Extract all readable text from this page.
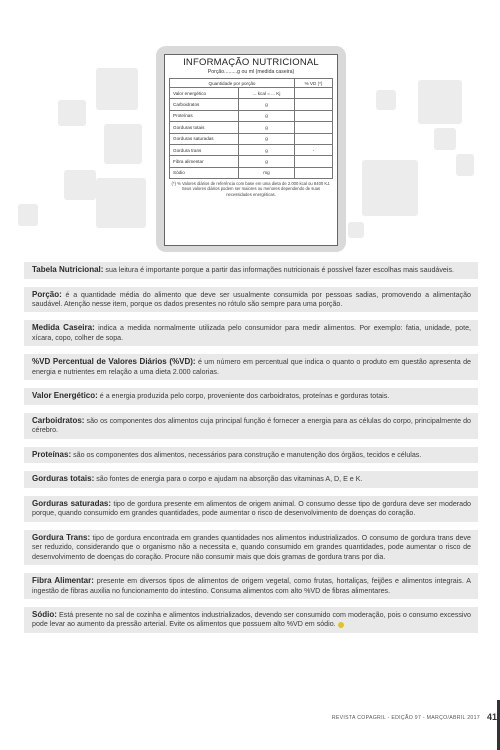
INFORMAÇÃO NUTRICIONAL
Porção.........g ou ml (medida caseira)
Quantidade por porção		% VD (*)
Valor energético	... kcal = ... Kj	
Carboidratos	g	
Proteínas	g	
Gorduras totais	g	
Gorduras saturadas	g	
Gordura trans	g	-
Fibra alimentar	g	
Sódio	mg	
(*) % Valores diários de referência com base em uma dieta de 2.000 kcal ou 8400 KJ. Seus valores diários podem ser maiores ou menores dependendo de suas necessidades energéticas.
Tabela Nutricional: sua leitura é importante porque a partir das informações nutricionais é possível fazer escolhas mais saudáveis.
Porção: é a quantidade média do alimento que deve ser usualmente consumida por pessoas sadias, promovendo a alimentação saudável. Atenção nesse item, porque os dados presentes no rótulo são sempre para uma porção.
Medida Caseira: indica a medida normalmente utilizada pelo consumidor para medir alimentos. Por exemplo: fatia, unidade, pote, xícara, copo, colher de sopa.
%VD Percentual de Valores Diários (%VD): é um número em percentual que indica o quanto o produto em questão apresenta de energia e nutrientes em relação a uma dieta 2.000 calorias.
Valor Energético: é a energia produzida pelo corpo, proveniente dos carboidratos, proteínas e gorduras totais.
Carboidratos: são os componentes dos alimentos cuja principal função é fornecer a energia para as células do corpo, principalmente do cérebro.
Proteínas: são os componentes dos alimentos, necessários para construção e manutenção dos órgãos, tecidos e células.
Gorduras totais: são fontes de energia para o corpo e ajudam na absorção das vitaminas A, D, E e K.
Gorduras saturadas: tipo de gordura presente em alimentos de origem animal. O consumo desse tipo de gordura deve ser moderado porque, quando consumido em grandes quantidades, pode aumentar o risco de desenvolvimento de doenças do coração.
Gordura Trans: tipo de gordura encontrada em grandes quantidades nos alimentos industrializados. O consumo de gordura trans deve ser reduzido, considerando que o organismo não a necessita e, quando consumido em grandes quantidades, pode aumentar o risco de desenvolvimento de doenças do coração. Procure não consumir mais que dois gramas de gordura trans por dia.
Fibra Alimentar: presente em diversos tipos de alimentos de origem vegetal, como frutas, hortaliças, feijões e alimentos integrais. A ingestão de fibras auxilia no funcionamento do intestino. Consuma alimentos com alto %VD de fibras alimentares.
Sódio: Está presente no sal de cozinha e alimentos industrializados, devendo ser consumido com moderação, pois o consumo excessivo pode levar ao aumento da pressão arterial. Evite os alimentos que possuem alto %VD em sódio.
REVISTA COPAGRIL - EDIÇÃO 97 - MARÇO/ABRIL 2017 41
